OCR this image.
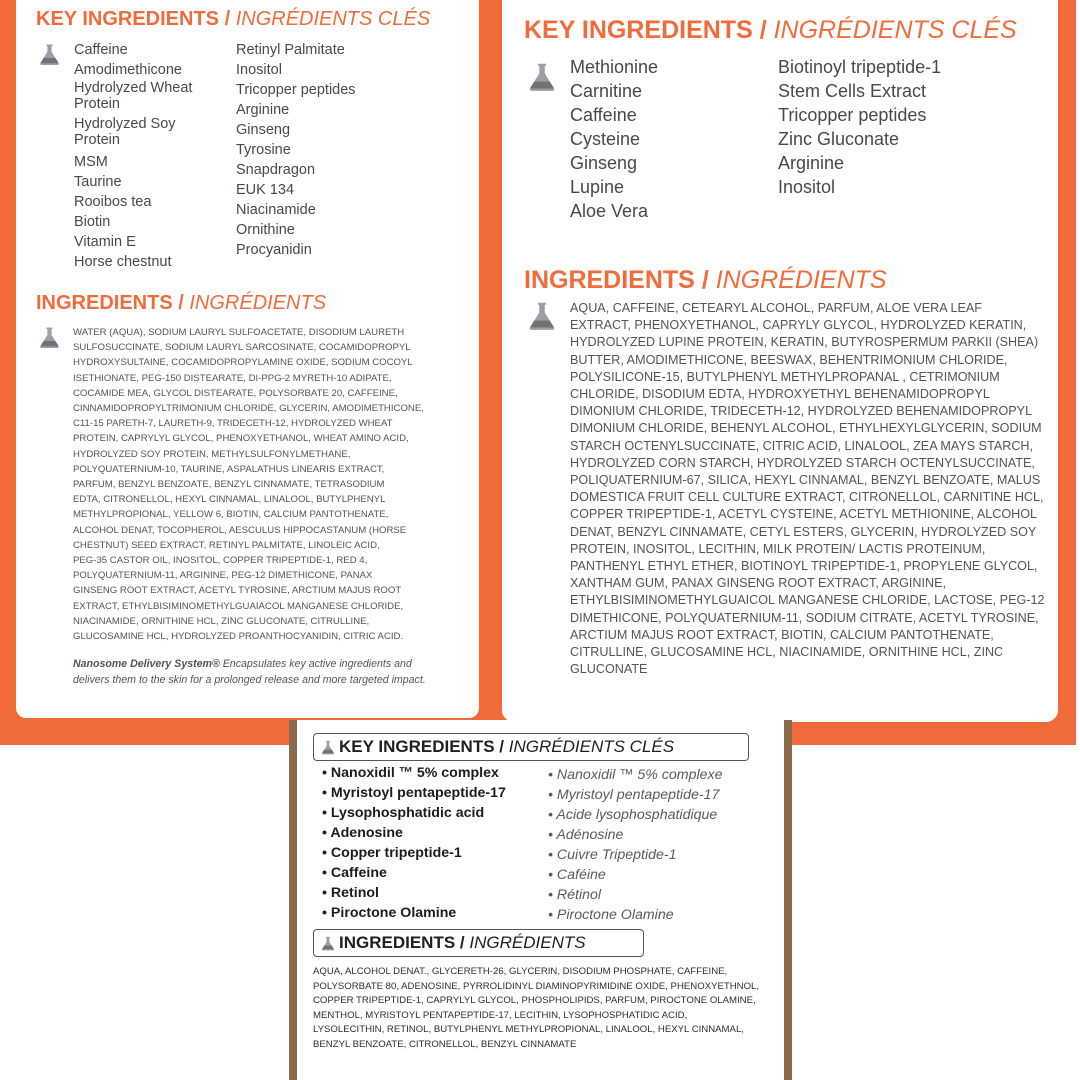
KEY INGREDIENTS / INGRÉDIENTS CLÉS
Caffeine
Amodimethicone
Hydrolyzed Wheat Protein
Hydrolyzed Soy Protein
MSM
Taurine
Rooibos tea
Biotin
Vitamin E
Horse chestnut
Retinyl Palmitate
Inositol
Tricopper peptides
Arginine
Ginseng
Tyrosine
Snapdragon
EUK 134
Niacinamide
Ornithine
Procyanidin
INGREDIENTS / INGRÉDIENTS
WATER (AQUA), SODIUM LAURYL SULFOACETATE, DISODIUM LAURETH
SULFOSUCCINATE, SODIUM LAURYL SARCOSINATE, COCAMIDOPROPYL
HYDROXYSULTAINE, COCAMIDOPROPYLAMINE OXIDE, SODIUM COCOYL
ISETHIONATE, PEG-150 DISTEARATE, DI-PPG-2 MYRETH-10 ADIPATE,
COCAMIDE MEA, GLYCOL DISTEARATE, POLYSORBATE 20, CAFFEINE,
CINNAMIDOPROPYLTRIMONIUM CHLORIDE, GLYCERIN, AMODIMETHICONE,
C11-15 PARETH-7, LAURETH-9, TRIDECETH-12, HYDROLYZED WHEAT
PROTEIN, CAPRYLYL GLYCOL, PHENOXYETHANOL, WHEAT AMINO ACID,
HYDROLYZED SOY PROTEIN, METHYLSULFONYLMETHANE,
POLYQUATERNIUM-10, TAURINE, ASPALATHUS LINEARIS EXTRACT,
PARFUM, BENZYL BENZOATE, BENZYL CINNAMATE, TETRASODIUM
EDTA, CITRONELLOL, HEXYL CINNAMAL, LINALOOL, BUTYLPHENYL
METHYLPROPIONAL, YELLOW 6, BIOTIN, CALCIUM PANTOTHENATE,
ALCOHOL DENAT, TOCOPHEROL, AESCULUS HIPPOCASTANUM (HORSE
CHESTNUT) SEED EXTRACT, RETINYL PALMITATE, LINOLEIC ACID,
PEG-35 CASTOR OIL, INOSITOL, COPPER TRIPEPTIDE-1, RED 4,
POLYQUATERNIUM-11, ARGININE, PEG-12 DIMETHICONE, PANAX
GINSENG ROOT EXTRACT, ACETYL TYROSINE, ARCTIUM MAJUS ROOT
EXTRACT, ETHYLBISIMINOMETHYLGUAIACOL MANGANESE CHLORIDE,
NIACINAMIDE, ORNITHINE HCL, ZINC GLUCONATE, CITRULLINE,
GLUCOSAMINE HCL, HYDROLYZED PROANTHOCYANIDIN, CITRIC ACID.
Nanosome Delivery System® Encapsulates key active ingredients and
delivers them to the skin for a prolonged release and more targeted impact.
KEY INGREDIENTS / INGRÉDIENTS CLÉS
Methionine
Carnitine
Caffeine
Cysteine
Ginseng
Lupine
Aloe Vera
Biotinoyl tripeptide-1
Stem Cells Extract
Tricopper peptides
Zinc Gluconate
Arginine
Inositol
INGREDIENTS / INGRÉDIENTS
AQUA, CAFFEINE, CETEARYL ALCOHOL, PARFUM, ALOE VERA LEAF
EXTRACT, PHENOXYETHANOL, CAPRYLY GLYCOL, HYDROLYZED KERATIN,
HYDROLYZED LUPINE PROTEIN, KERATIN, BUTYROSPERMUM PARKII (SHEA)
BUTTER, AMODIMETHICONE, BEESWAX, BEHENTRIMONIUM CHLORIDE,
POLYSILICONE-15, BUTYLPHENYL METHYLPROPANAL , CETRIMONIUM
CHLORIDE, DISODIUM EDTA, HYDROXYETHYL BEHENAMIDOPROPYL
DIMONIUM CHLORIDE, TRIDECETH-12, HYDROLYZED BEHENAMIDOPROPYL
DIMONIUM CHLORIDE, BEHENYL ALCOHOL, ETHYLHEXYLGLYCERIN, SODIUM
STARCH OCTENYLSUCCINATE, CITRIC ACID, LINALOOL, ZEA MAYS STARCH,
HYDROLYZED CORN STARCH, HYDROLYZED STARCH OCTENYLSUCCINATE,
POLIQUATERNIUM-67, SILICA, HEXYL CINNAMAL, BENZYL BENZOATE, MALUS
DOMESTICA FRUIT CELL CULTURE EXTRACT, CITRONELLOL, CARNITINE HCL,
COPPER TRIPEPTIDE-1, ACETYL CYSTEINE, ACETYL METHIONINE, ALCOHOL
DENAT, BENZYL CINNAMATE, CETYL ESTERS, GLYCERIN, HYDROLYZED SOY
PROTEIN, INOSITOL, LECITHIN, MILK PROTEIN/ LACTIS PROTEINUM,
PANTHENYL ETHYL ETHER, BIOTINOYL TRIPEPTIDE-1, PROPYLENE GLYCOL,
XANTHAM GUM, PANAX GINSENG ROOT EXTRACT, ARGININE,
ETHYLBISIMINOMETHYLGUAICOL MANGANESE CHLORIDE, LACTOSE, PEG-12
DIMETHICONE, POLYQUATERNIUM-11, SODIUM CITRATE, ACETYL TYROSINE,
ARCTIUM MAJUS ROOT EXTRACT, BIOTIN, CALCIUM PANTOTHENATE,
CITRULLINE, GLUCOSAMINE HCL, NIACINAMIDE, ORNITHINE HCL, ZINC
GLUCONATE
KEY INGREDIENTS / INGRÉDIENTS CLÉS
• Nanoxidil ™ 5% complex
• Myristoyl pentapeptide-17
• Lysophosphatidic acid
• Adenosine
• Copper tripeptide-1
• Caffeine
• Retinol
• Piroctone Olamine
• Nanoxidil ™ 5% complexe
• Myristoyl pentapeptide-17
• Acide lysophosphatidique
• Adénosine
• Cuivre Tripeptide-1
• Caféine
• Rétinol
• Piroctone Olamine
INGREDIENTS / INGRÉDIENTS
AQUA, ALCOHOL DENAT., GLYCERETH-26, GLYCERIN, DISODIUM PHOSPHATE, CAFFEINE,
POLYSORBATE 80, ADENOSINE, PYRROLIDINYL DIAMINOPYRIMIDINE OXIDE, PHENOXYETHNOL,
COPPER TRIPEPTIDE-1, CAPRYLYL GLYCOL, PHOSPHOLIPIDS, PARFUM, PIROCTONE OLAMINE,
MENTHOL, MYRISTOYL PENTAPEPTIDE-17, LECITHIN, LYSOPHOSPHATIDIC ACID,
LYSOLECITHIN, RETINOL, BUTYLPHENYL METHYLPROPIONAL, LINALOOL, HEXYL CINNAMAL,
BENZYL BENZOATE, CITRONELLOL, BENZYL CINNAMATE
